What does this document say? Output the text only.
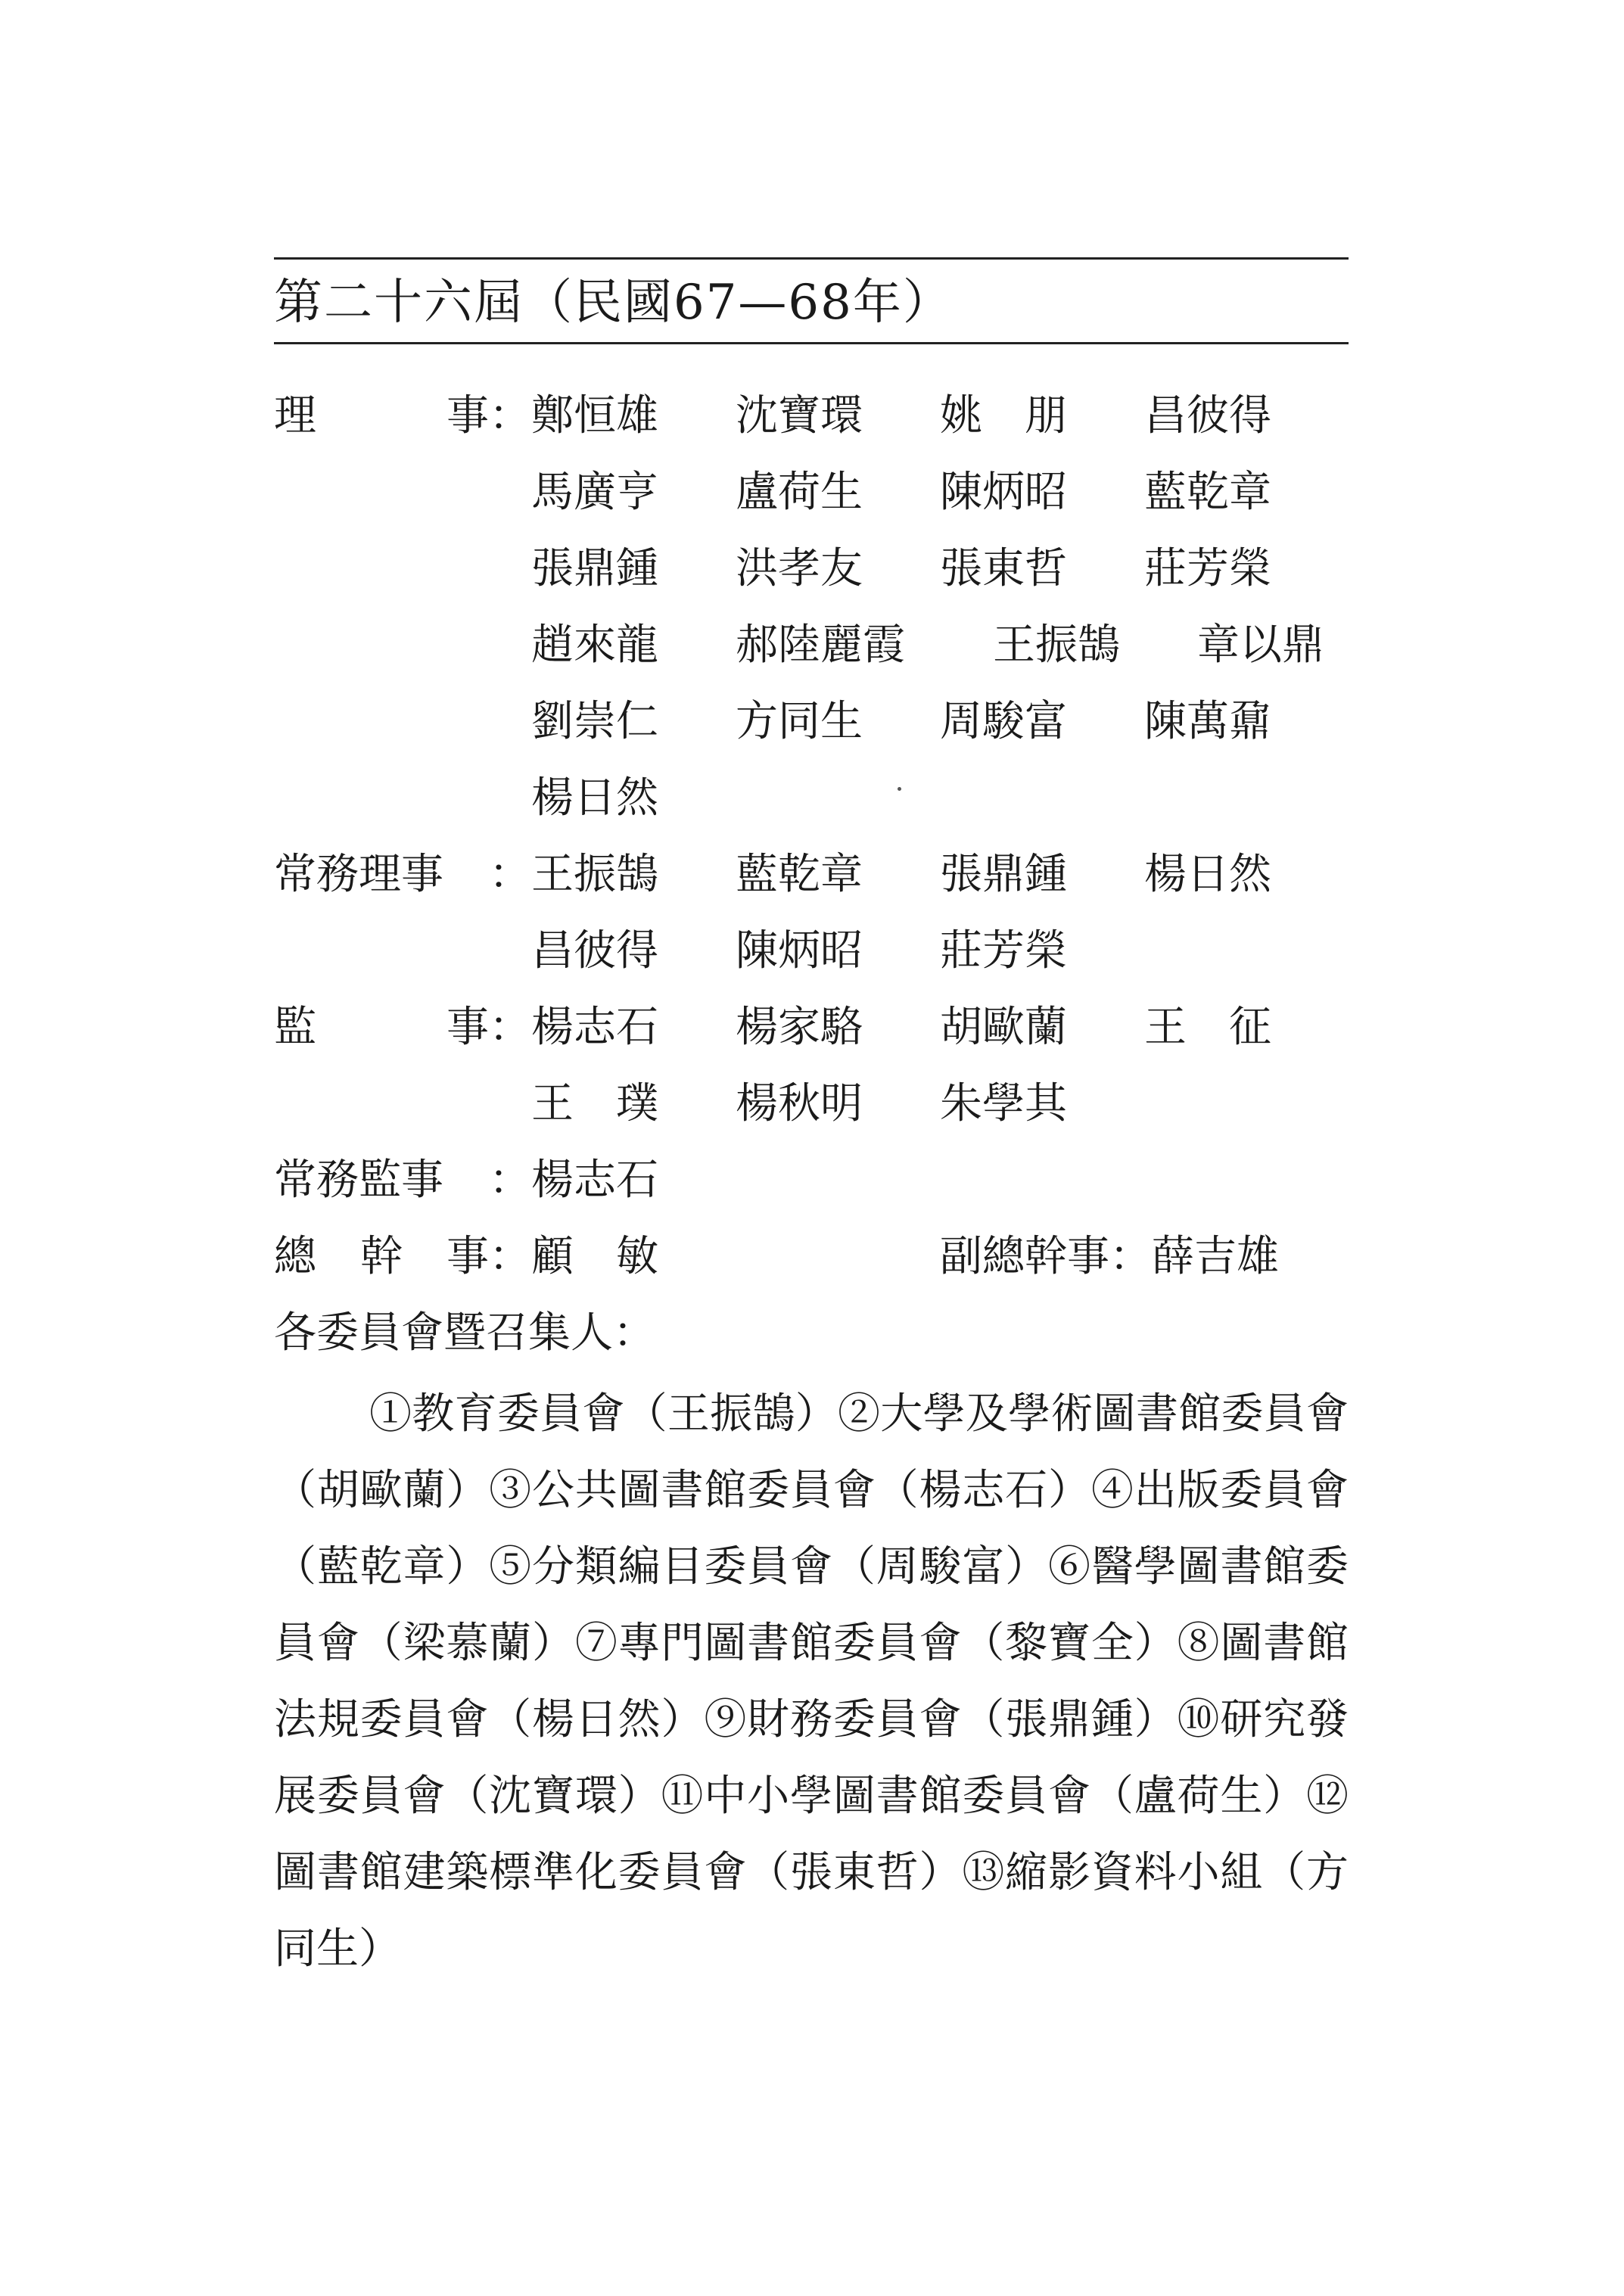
第二十六屆（民國67—68年）
理	事 ： 鄭恒雄 沈寶環 姚　朋 昌彼得
馬廣亨 盧荷生 陳炳昭 藍乾章
張鼎鍾 洪孝友 張東哲 莊芳榮
趙來龍 郝陸麗霞 王振鵠 章以鼎
劉崇仁 方同生 周駿富 陳萬鼐
楊日然
常務理事 ： 王振鵠 藍乾章 張鼎鍾 楊日然
昌彼得 陳炳昭 莊芳榮
監	事 ： 楊志石 楊家駱 胡歐蘭 王　征
王　璞 楊秋明 朱學其
常務監事 ： 楊志石
總 幹 事 ： 顧　敏	副總幹事：薛吉雄
各委員會暨召集人：

①教育委員會（王振鵠）②大學及學術圖書館委員會（胡歐蘭）③公共圖書館委員會（楊志石）④出版委員會（藍乾章）⑤分類編目委員會（周駿富）⑥醫學圖書館委員會（梁慕蘭）⑦專門圖書館委員會（黎寶全）⑧圖書館法規委員會（楊日然）⑨財務委員會（張鼎鍾）⑩研究發展委員會（沈寶環）⑪中小學圖書館委員會（盧荷生）⑫圖書館建築標準化委員會（張東哲）⑬縮影資料小組（方同生）
